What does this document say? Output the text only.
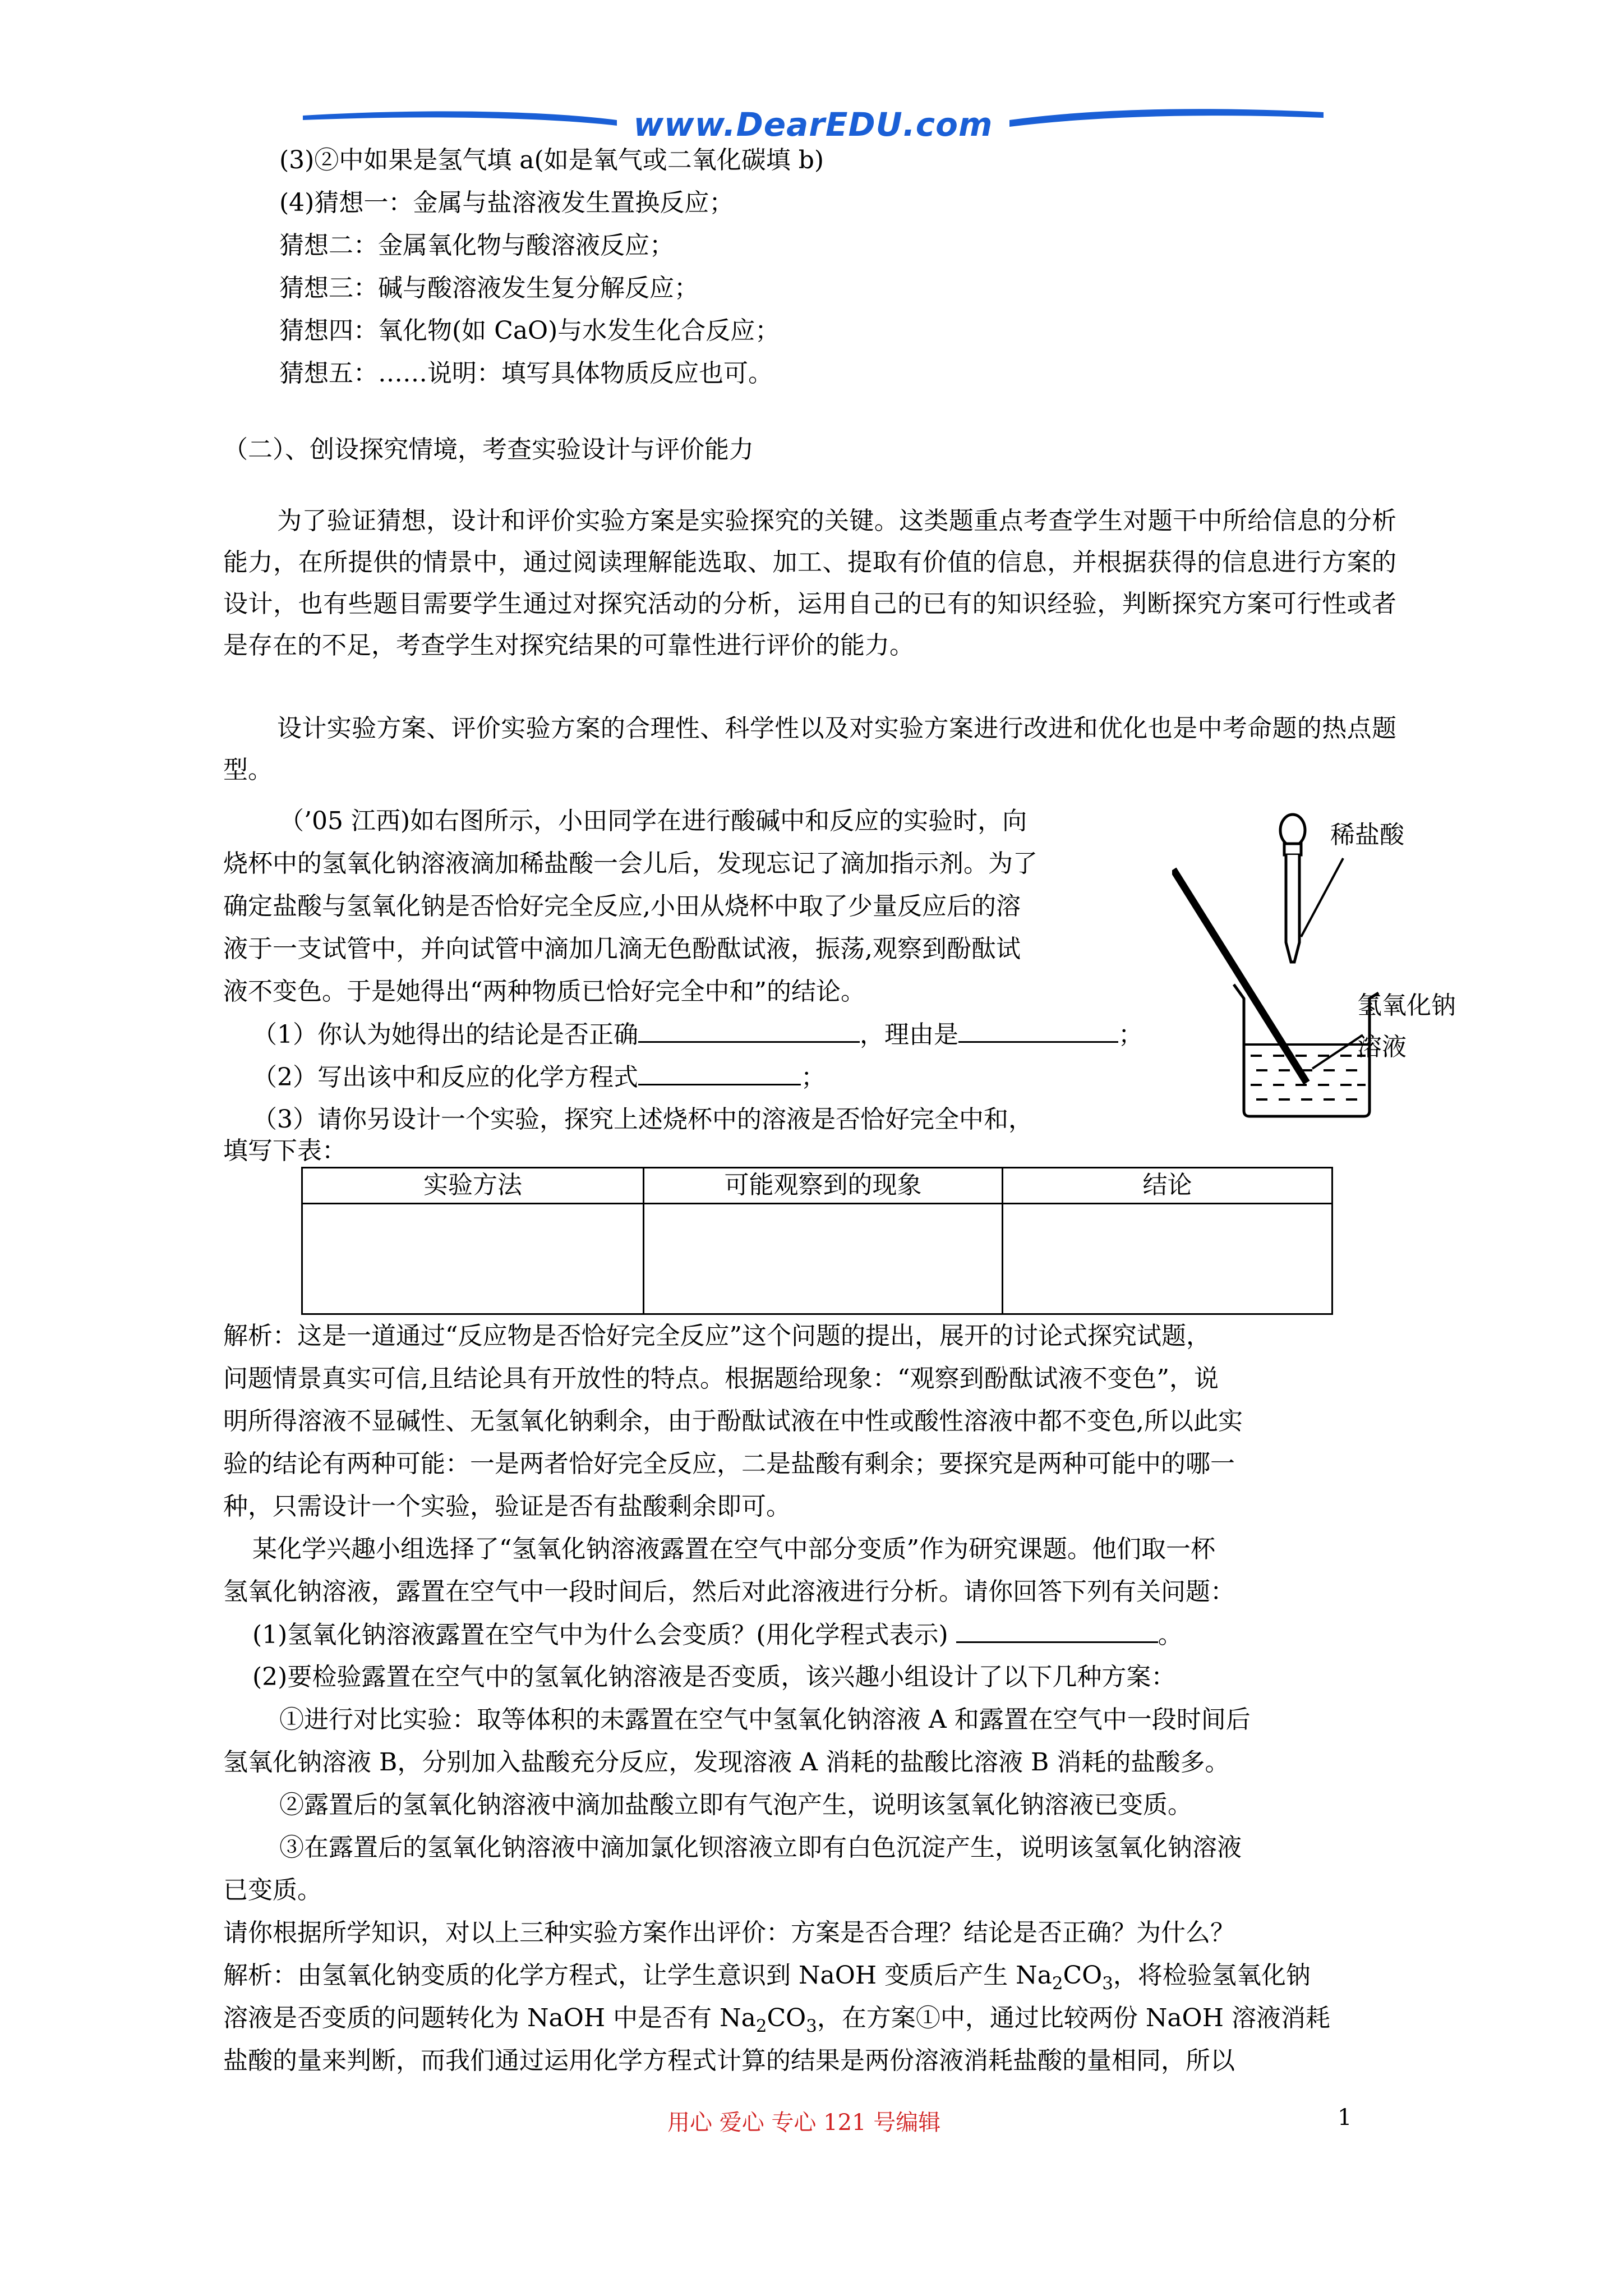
www.DearEDU.com
(3)②中如果是氢气填 a(如是氧气或二氧化碳填 b)
(4)猜想一：金属与盐溶液发生置换反应；
猜想二：金属氧化物与酸溶液反应；
猜想三：碱与酸溶液发生复分解反应；
猜想四：氧化物(如 CaO)与水发生化合反应；
猜想五：……说明：填写具体物质反应也可。
（二）、创设探究情境，考查实验设计与评价能力
为了验证猜想，设计和评价实验方案是实验探究的关键。这类题重点考查学生对题干中所给信息的分析能力，在所提供的情景中，通过阅读理解能选取、加工、提取有价值的信息，并根据获得的信息进行方案的设计，也有些题目需要学生通过对探究活动的分析，运用自己的已有的知识经验，判断探究方案可行性或者是存在的不足，考查学生对探究结果的可靠性进行评价的能力。
设计实验方案、评价实验方案的合理性、科学性以及对实验方案进行改进和优化也是中考命题的热点题型。
（’05 江西)如右图所示，小田同学在进行酸碱中和反应的实验时，向
烧杯中的氢氧化钠溶液滴加稀盐酸一会儿后，发现忘记了滴加指示剂。为了
确定盐酸与氢氧化钠是否恰好完全反应,小田从烧杯中取了少量反应后的溶
液于一支试管中，并向试管中滴加几滴无色酚酞试液，振荡,观察到酚酞试
液不变色。于是她得出“两种物质已恰好完全中和”的结论。
（1）你认为她得出的结论是否正确	，理由是	；
（2）写出该中和反应的化学方程式	；
（3）请你另设计一个实验，探究上述烧杯中的溶液是否恰好完全中和，
填写下表：
实验方法	可能观察到的现象	结论
稀盐酸
氢氧化钠
溶液
解析：这是一道通过“反应物是否恰好完全反应”这个问题的提出，展开的讨论式探究试题，
问题情景真实可信,且结论具有开放性的特点。根据题给现象：“观察到酚酞试液不变色”，说
明所得溶液不显碱性、无氢氧化钠剩余，由于酚酞试液在中性或酸性溶液中都不变色,所以此实
验的结论有两种可能：一是两者恰好完全反应，二是盐酸有剩余；要探究是两种可能中的哪一
种，只需设计一个实验，验证是否有盐酸剩余即可。
某化学兴趣小组选择了“氢氧化钠溶液露置在空气中部分变质”作为研究课题。他们取一杯
氢氧化钠溶液，露置在空气中一段时间后，然后对此溶液进行分析。请你回答下列有关问题：
(1)氢氧化钠溶液露置在空气中为什么会变质？(用化学程式表示)	。
(2)要检验露置在空气中的氢氧化钠溶液是否变质，该兴趣小组设计了以下几种方案：
①进行对比实验：取等体积的未露置在空气中氢氧化钠溶液 A 和露置在空气中一段时间后
氢氧化钠溶液 B，分别加入盐酸充分反应，发现溶液 A 消耗的盐酸比溶液 B 消耗的盐酸多。
②露置后的氢氧化钠溶液中滴加盐酸立即有气泡产生，说明该氢氧化钠溶液已变质。
③在露置后的氢氧化钠溶液中滴加氯化钡溶液立即有白色沉淀产生，说明该氢氧化钠溶液
已变质。
请你根据所学知识，对以上三种实验方案作出评价：方案是否合理？结论是否正确？为什么？
解析：由氢氧化钠变质的化学方程式，让学生意识到 NaOH 变质后产生 $Na_2CO_3$，将检验氢氧化钠
溶液是否变质的问题转化为 NaOH 中是否有 $Na_2CO_3$，在方案①中，通过比较两份 NaOH 溶液消耗
盐酸的量来判断，而我们通过运用化学方程式计算的结果是两份溶液消耗盐酸的量相同，所以
用心 爱心 专心 121 号编辑	1
